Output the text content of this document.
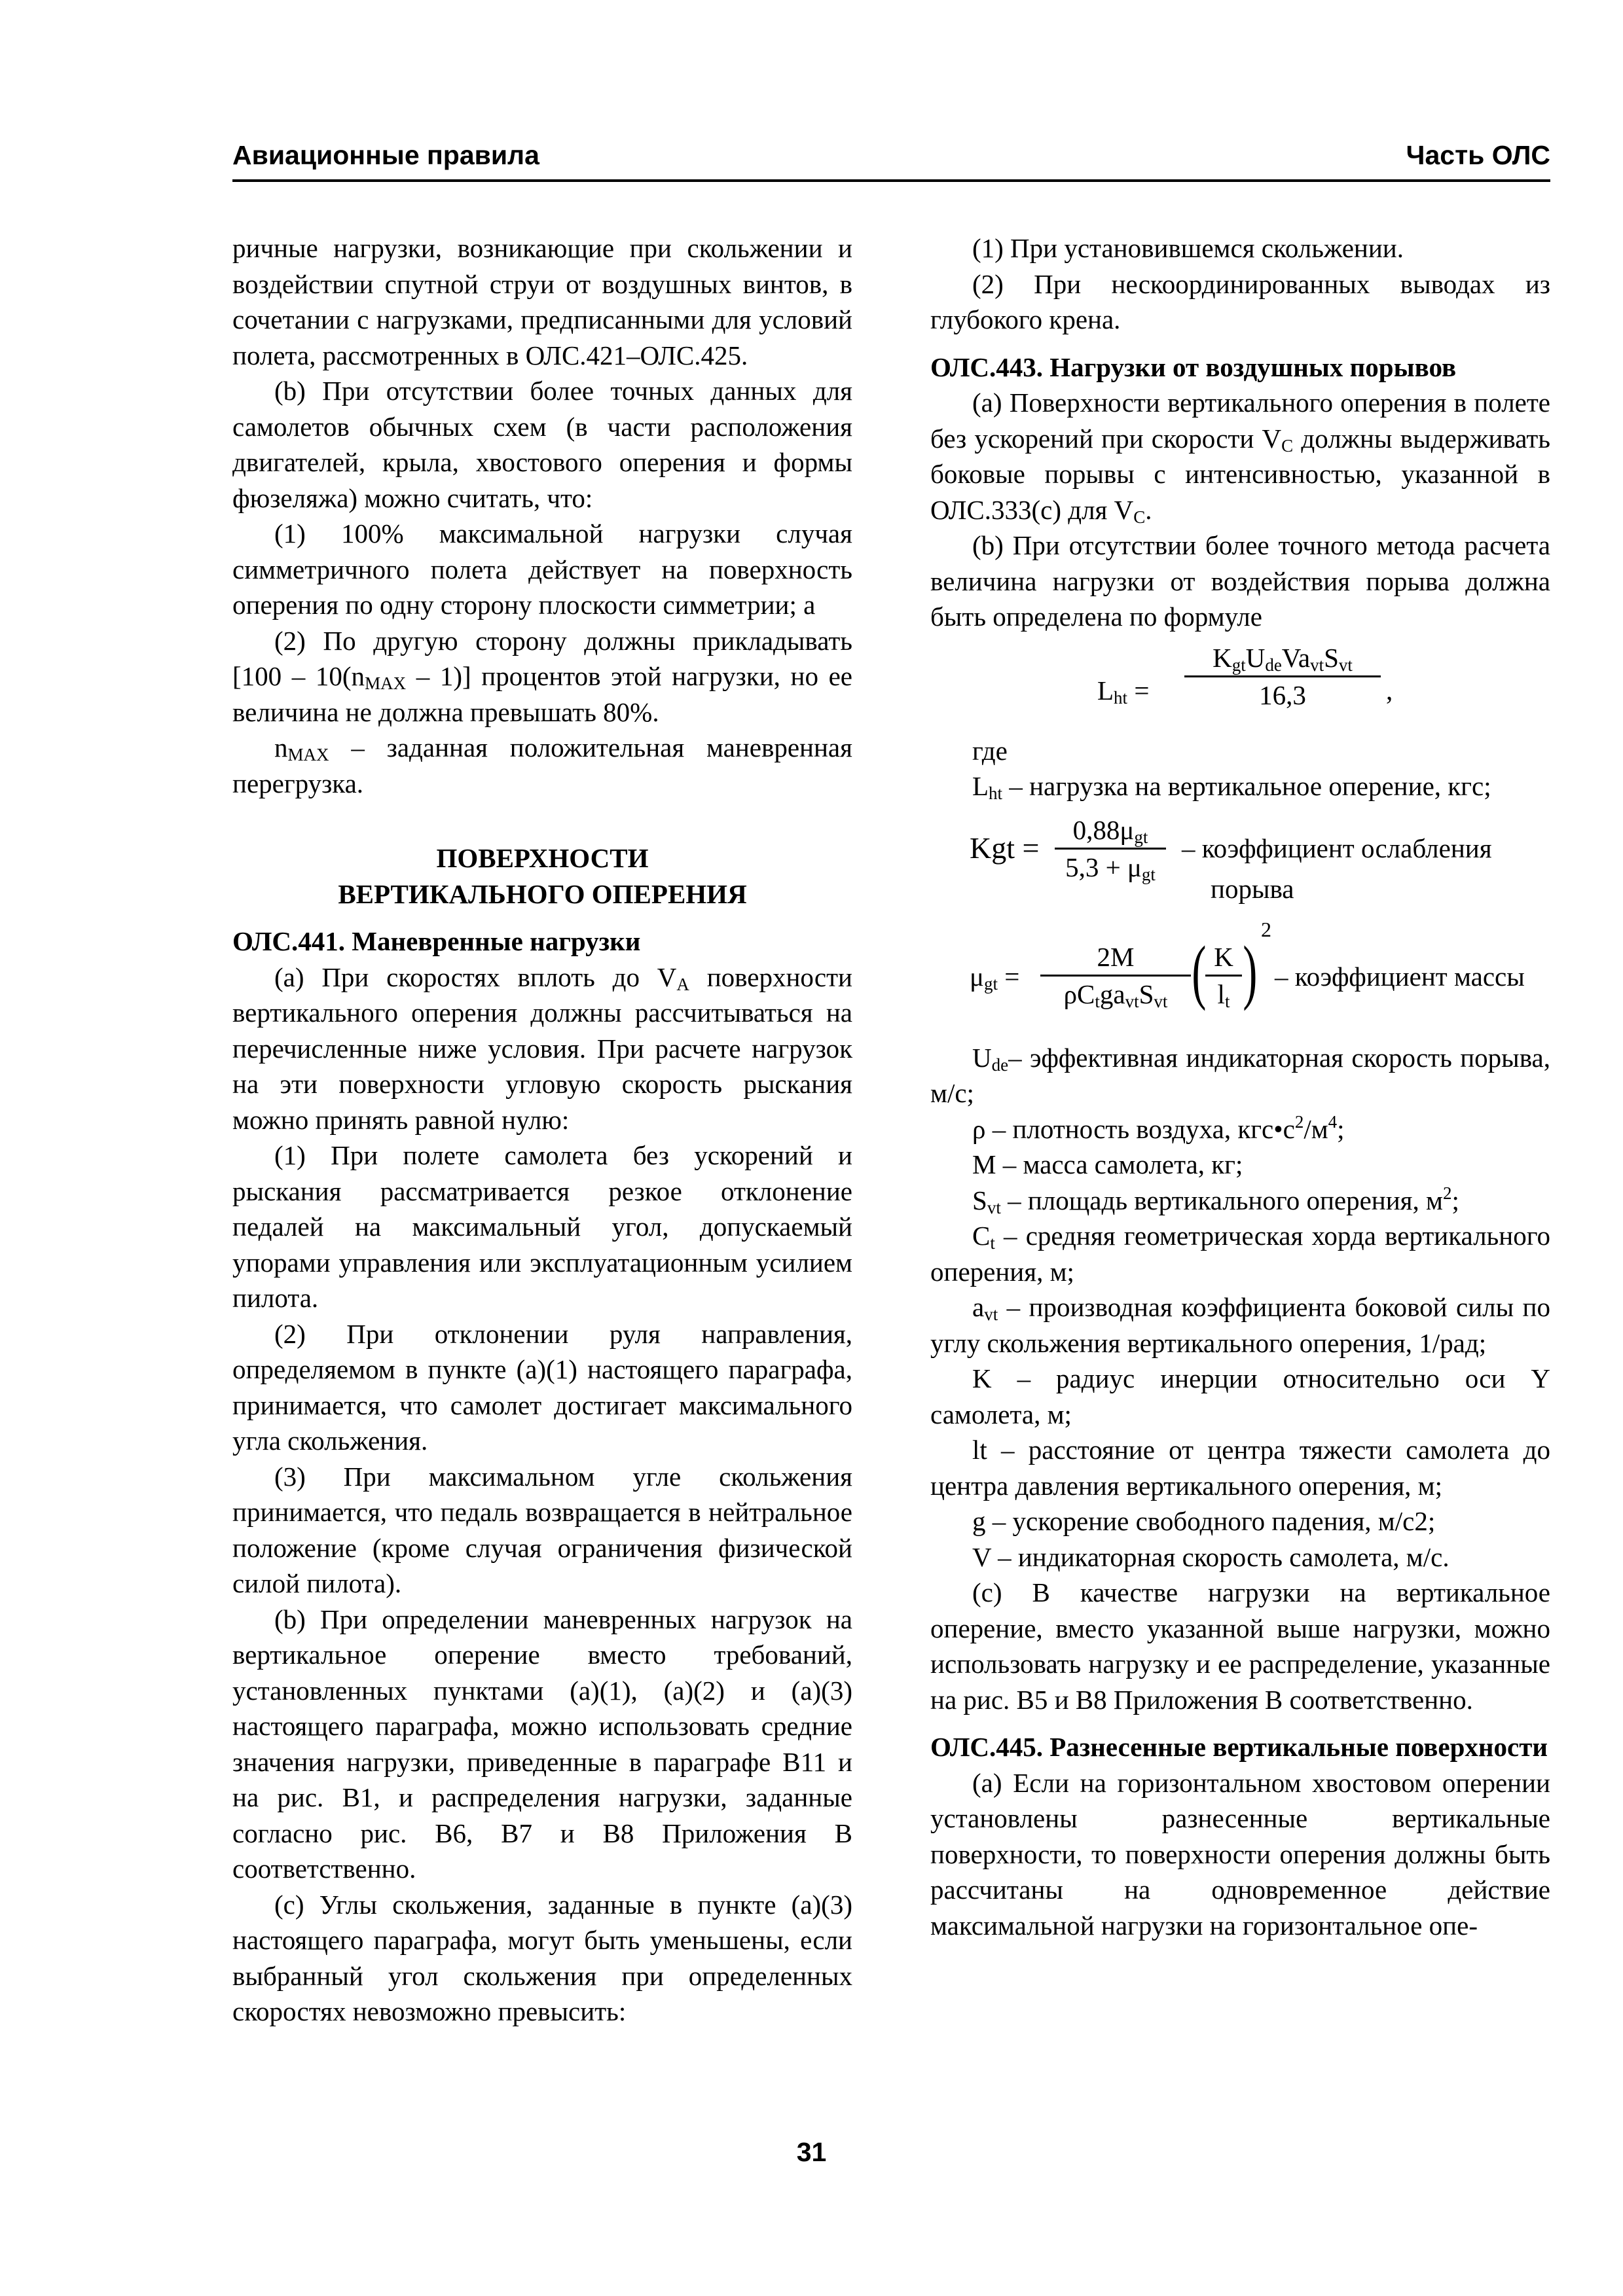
Авиационные правила	Часть ОЛС

ричные нагрузки, возникающие при скольжении и воздействии спутной струи от воздушных винтов, в сочетании с нагрузками, предписанными для условий полета, рассмотренных в ОЛС.421–ОЛС.425.

(b) При отсутствии более точных данных для самолетов обычных схем (в части расположения двигателей, крыла, хвостового оперения и формы фюзеляжа) можно считать, что:

(1) 100% максимальной нагрузки случая симметричного полета действует на поверхность оперения по одну сторону плоскости симметрии; а

(2) По другую сторону должны прикладывать $[100 - 10(n_{MAX} - 1)]$ процентов этой нагрузки, но ее величина не должна превышать 80%.

$n_{MAX}$ – заданная положительная маневренная перегрузка.

ПОВЕРХНОСТИ

ВЕРТИКАЛЬНОГО ОПЕРЕНИЯ

ОЛС.441. Маневренные нагрузки

(a) При скоростях вплоть до $V_A$ поверхности вертикального оперения должны рассчитываться на перечисленные ниже условия. При расчете нагрузок на эти поверхности угловую скорость рыскания можно принять равной нулю:

(1) При полете самолета без ускорений и рыскания рассматривается резкое отклонение педалей на максимальный угол, допускаемый упорами управления или эксплуатационным усилием пилота.

(2) При отклонении руля направления, определяемом в пункте (a)(1) настоящего параграфа, принимается, что самолет достигает максимального угла скольжения.

(3) При максимальном угле скольжения принимается, что педаль возвращается в нейтральное положение (кроме случая ограничения физической силой пилота).

(b) При определении маневренных нагрузок на вертикальное оперение вместо требований, установленных пунктами (a)(1), (a)(2) и (a)(3) настоящего параграфа, можно использовать средние значения нагрузки, приведенные в параграфе B11 и на рис. B1, и распределения нагрузки, заданные согласно рис. B6, B7 и B8 Приложения B соответственно.

(c) Углы скольжения, заданные в пункте (a)(3) настоящего параграфа, могут быть уменьшены, если выбранный угол скольжения при определенных скоростях невозможно превысить:

(1) При установившемся скольжении.

(2) При нескоординированных выводах из глубокого крена.

ОЛС.443. Нагрузки от воздушных порывов

(a) Поверхности вертикального оперения в полете без ускорений при скорости $V_C$ должны выдерживать боковые порывы с интенсивностью, указанной в ОЛС.333(c) для $V_C$.

(b) При отсутствии более точного метода расчета величина нагрузки от воздействия порыва должна быть определена по формуле

$L_{ht}$ =
$K_{gt}U_{de}Va_{vt}S_{vt}$
16,3	,

где

$L_{ht}$ – нагрузка на вертикальное оперение, кгс;

Kgt =
$0,88\mu_{gt}$
$5,3 + \mu_{gt}$
– коэффициент ослабления
порыва
$\mu_{gt}$ =
2M
$\rho C_tga_{vt}S_{vt}$ (
$\frac{K}{l_t}$ )
2
– коэффициент массы

$U_{de}-$ эффективная индикаторная скорость порыва, м/с;

ρ – плотность воздуха, $кгс•с^2/м^4$;

M – масса самолета, кг;

$S_{vt}$ – площадь вертикального оперения, $м^2$;

$C_t$ – средняя геометрическая хорда вертикального оперения, м;

$a_{vt}$ – производная коэффициента боковой силы по углу скольжения вертикального оперения, 1/рад;

K – радиус инерции относительно оси Y самолета, м;

lt – расстояние от центра тяжести самолета до центра давления вертикального оперения, м;

g – ускорение свободного падения, м/с2;

V – индикаторная скорость самолета, м/с.

(c) В качестве нагрузки на вертикальное оперение, вместо указанной выше нагрузки, можно использовать нагрузку и ее распределение, указанные на рис. B5 и B8 Приложения B соответственно.

ОЛС.445. Разнесенные вертикальные поверхности

(a) Если на горизонтальном хвостовом оперении установлены разнесенные вертикальные поверхности, то поверхности оперения должны быть рассчитаны на одновременное действие максимальной нагрузки на горизонтальное опе-

31
